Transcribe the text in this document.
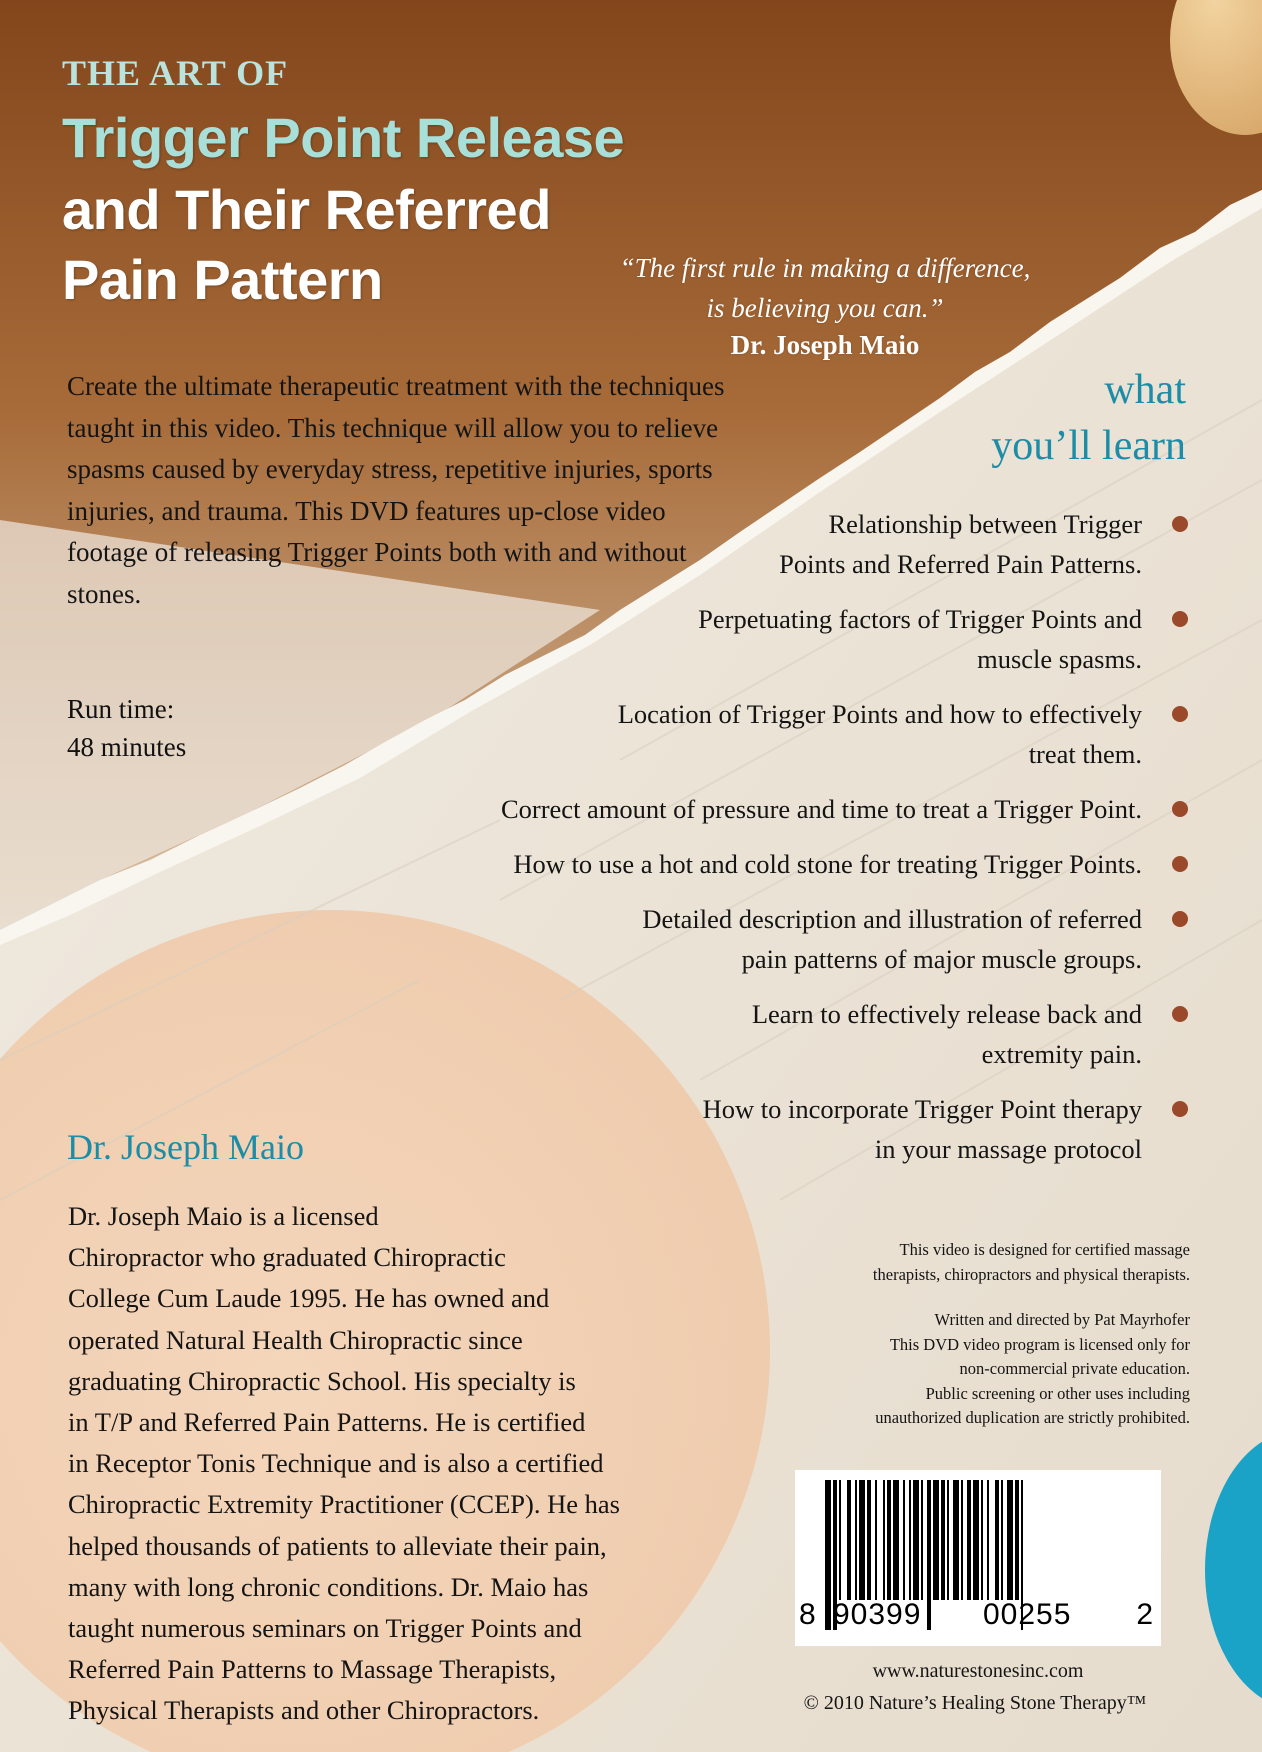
THE ART OF
Trigger Point Release
and Their Referred
Pain Pattern	“The first rule in making a difference,
is believing you can.”
Dr. Joseph Maio

Create the ultimate therapeutic treatment with the techniques taught in this video. This technique will allow you to relieve spasms caused by everyday stress, repetitive injuries, sports injuries, and trauma. This DVD features up-close video footage of releasing Trigger Points both with and without stones.

Run time:
48 minutes
what
you’ll learn
Relationship between Trigger
Points and Referred Pain Patterns.
Perpetuating factors of Trigger Points and
muscle spasms.
Location of Trigger Points and how to effectively
treat them.
Correct amount of pressure and time to treat a Trigger Point.
How to use a hot and cold stone for treating Trigger Points.
Detailed description and illustration of referred
pain patterns of major muscle groups.
Learn to effectively release back and
extremity pain.
How to incorporate Trigger Point therapy
in your massage protocol
Dr. Joseph Maio
Dr. Joseph Maio is a licensed
Chiropractor who graduated Chiropractic
College Cum Laude 1995. He has owned and
operated Natural Health Chiropractic since
graduating Chiropractic School. His specialty is
in T/P and Referred Pain Patterns. He is certified
in Receptor Tonis Technique and is also a certified
Chiropractic Extremity Practitioner (CCEP). He has
helped thousands of patients to alleviate their pain,
many with long chronic conditions. Dr. Maio has
taught numerous seminars on Trigger Points and
Referred Pain Patterns to Massage Therapists,
Physical Therapists and other Chiropractors.
This video is designed for certified massage
therapists, chiropractors and physical therapists.
Written and directed by Pat Mayrhofer
This DVD video program is licensed only for
non-commercial private education.
Public screening or other uses including
unauthorized duplication are strictly prohibited.
8 90399 00255 2
www.naturestonesinc.com
© 2010 Nature’s Healing Stone Therapy™
